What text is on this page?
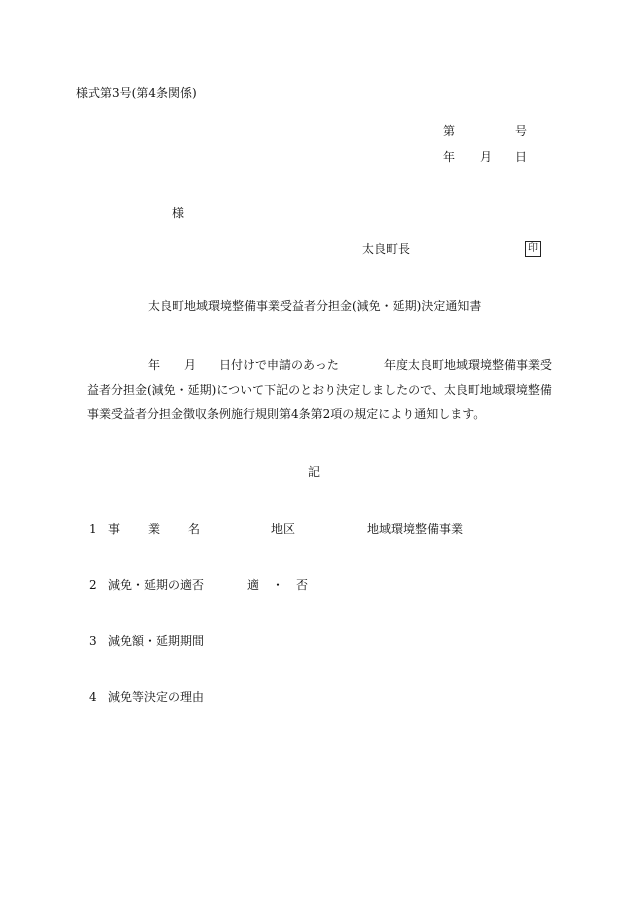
様式第3号(第4条関係)
第	号
年 月 日
様
太良町長	印
太良町地域環境整備事業受益者分担金(減免・延期)決定通知書
年 月 日付けで申請のあった	年度太良町地域環境整備事業受
益者分担金(減免・延期)について下記のとおり決定しましたので、太良町地域環境整備
事業受益者分担金徴収条例施行規則第4条第2項の規定により通知します。
記
1 事 業 名	地区	地域環境整備事業
2 減免・延期の適否	適 ・ 否
3 減免額・延期期間
4 減免等決定の理由
